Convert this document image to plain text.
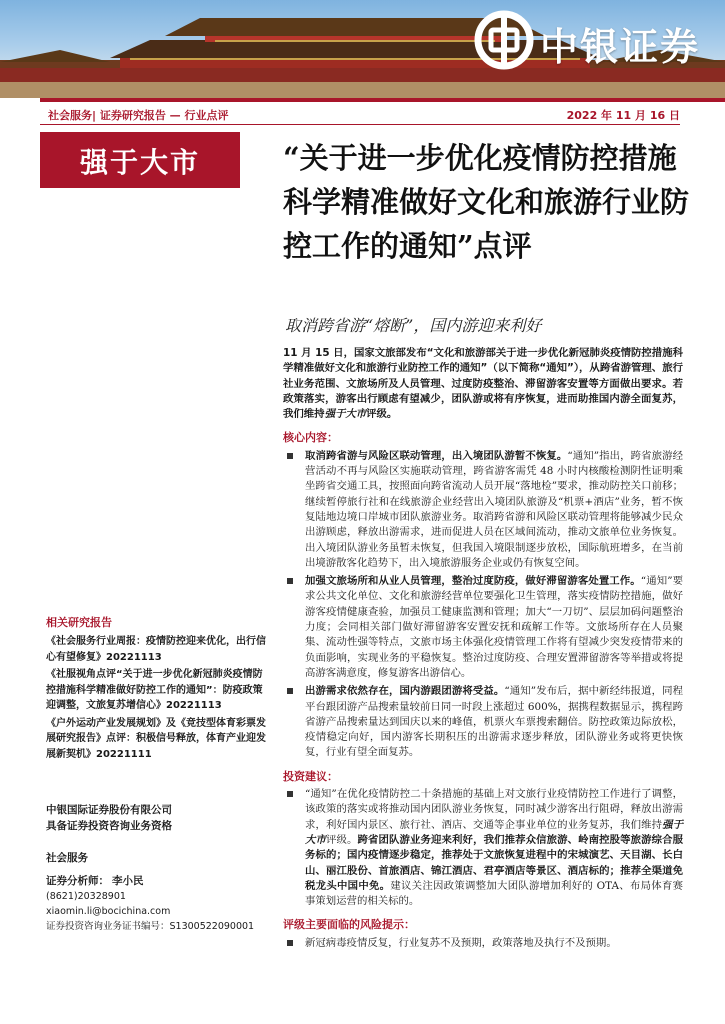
中银证券
社会服务| 证券研究报告 — 行业点评	2022 年 11 月 16 日
强于大市	“关于进一步优化疫情防控措施科学精准做好文化和旅游行业防控工作的通知”点评
取消跨省游“熔断”，国内游迎来利好

11 月 15 日，国家文旅部发布“文化和旅游部关于进一步优化新冠肺炎疫情防控措施科学精准做好文化和旅游行业防控工作的通知”（以下简称“通知”），从跨省游管理、旅行社业务范围、文旅场所及人员管理、过度防疫整治、滞留游客安置等方面做出要求。若政策落实，游客出行顾虑有望减少，团队游或将有序恢复，进而助推国内游全面复苏，我们维持强于大市评级。

核心内容：
取消跨省游与风险区联动管理，出入境团队游暂不恢复。“通知”指出，跨省旅游经营活动不再与风险区实施联动管理，跨省游客需凭 48 小时内核酸检测阴性证明乘坐跨省交通工具，按照面向跨省流动人员开展“落地检”要求，推动防控关口前移；继续暂停旅行社和在线旅游企业经营出入境团队旅游及“机票+酒店”业务，暂不恢复陆地边境口岸城市团队旅游业务。取消跨省游和风险区联动管理将能够减少民众出游顾虑，释放出游需求，进而促进人员在区域间流动，推动文旅单位业务恢复。出入境团队游业务虽暂未恢复，但我国入境限制逐步放松，国际航班增多，在当前出境游散客化趋势下，出入境旅游服务企业或仍有恢复空间。
加强文旅场所和从业人员管理，整治过度防疫，做好滞留游客处置工作。“通知”要求公共文化单位、文化和旅游经营单位要强化卫生管理，落实疫情防控措施，做好游客疫情健康查验，加强员工健康监测和管理；加大“一刀切”、层层加码问题整治力度；会同相关部门做好滞留游客安置安抚和疏解工作等。文旅场所存在人员聚集、流动性强等特点，文旅市场主体强化疫情管理工作将有望减少突发疫情带来的负面影响，实现业务的平稳恢复。整治过度防疫、合理安置滞留游客等举措或将提高游客满意度，修复游客出游信心。
出游需求依然存在，国内游跟团游将受益。“通知”发布后，据中新经纬报道，同程平台跟团游产品搜索量较前日同一时段上涨超过 600%，据携程数据显示，携程跨省游产品搜索量达到国庆以来的峰值，机票火车票搜索翻倍。防控政策边际放松，疫情稳定向好，国内游客长期积压的出游需求逐步释放，团队游业务或将更快恢复，行业有望全面复苏。
投资建议：
“通知”在优化疫情防控二十条措施的基础上对文旅行业疫情防控工作进行了调整，该政策的落实或将推动国内团队游业务恢复，同时减少游客出行阻碍，释放出游需求，利好国内景区、旅行社、酒店、交通等企事业单位的业务复苏，我们维持强于大市评级。跨省团队游业务迎来利好，我们推荐众信旅游、岭南控股等旅游综合服务标的；国内疫情逐步稳定，推荐处于文旅恢复进程中的宋城演艺、天目湖、长白山、丽江股份、首旅酒店、锦江酒店、君亭酒店等景区、酒店标的；推荐全渠道免税龙头中国中免。建议关注因政策调整加大团队游增加利好的 OTA、布局体育赛事策划运营的相关标的。
评级主要面临的风险提示：
新冠病毒疫情反复，行业复苏不及预期，政策落地及执行不及预期。
相关研究报告
《社会服务行业周报：疫情防控迎来优化，出行信心有望修复》20221113
《社服视角点评“关于进一步优化新冠肺炎疫情防控措施科学精准做好防控工作的通知”：防疫政策迎调整，文旅复苏增信心》20221113
《户外运动产业发展规划》及《竞技型体育彩票发展研究报告》点评：积极信号释放，体育产业迎发展新契机》20221111
中银国际证券股份有限公司
具备证券投资咨询业务资格
社会服务
证券分析师： 李小民
(8621)20328901
xiaomin.li@bocichina.com
证券投资咨询业务证书编号：S1300522090001
